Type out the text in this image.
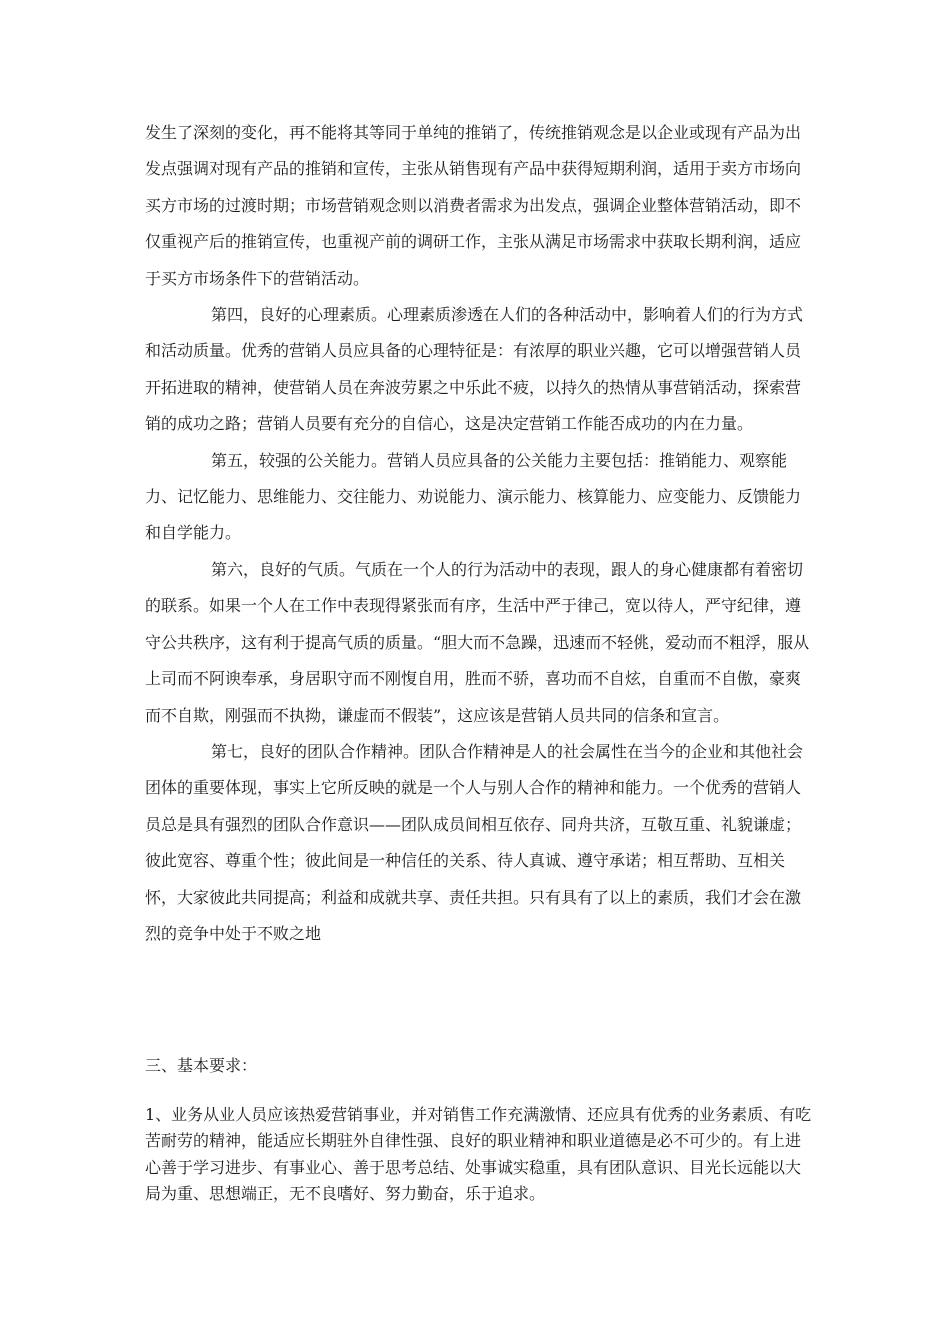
发生了深刻的变化，再不能将其等同于单纯的推销了，传统推销观念是以企业或现有产品为出发点强调对现有产品的推销和宣传，主张从销售现有产品中获得短期利润，适用于卖方市场向买方市场的过渡时期；市场营销观念则以消费者需求为出发点，强调企业整体营销活动，即不仅重视产后的推销宣传，也重视产前的调研工作，主张从满足市场需求中获取长期利润，适应于买方市场条件下的营销活动。

第四，良好的心理素质。心理素质渗透在人们的各种活动中，影响着人们的行为方式和活动质量。优秀的营销人员应具备的心理特征是：有浓厚的职业兴趣，它可以增强营销人员开拓进取的精神，使营销人员在奔波劳累之中乐此不疲，以持久的热情从事营销活动，探索营销的成功之路；营销人员要有充分的自信心，这是决定营销工作能否成功的内在力量。

第五，较强的公关能力。营销人员应具备的公关能力主要包括：推销能力、观察能力、记忆能力、思维能力、交往能力、劝说能力、演示能力、核算能力、应变能力、反馈能力和自学能力。

第六，良好的气质。气质在一个人的行为活动中的表现，跟人的身心健康都有着密切的联系。如果一个人在工作中表现得紧张而有序，生活中严于律己，宽以待人，严守纪律，遵守公共秩序，这有利于提高气质的质量。“胆大而不急躁，迅速而不轻佻，爱动而不粗浮，服从上司而不阿谀奉承，身居职守而不刚愎自用，胜而不骄，喜功而不自炫，自重而不自傲，豪爽而不自欺，刚强而不执拗，谦虚而不假装”，这应该是营销人员共同的信条和宣言。

第七，良好的团队合作精神。团队合作精神是人的社会属性在当今的企业和其他社会团体的重要体现，事实上它所反映的就是一个人与别人合作的精神和能力。一个优秀的营销人员总是具有强烈的团队合作意识——团队成员间相互依存、同舟共济，互敬互重、礼貌谦虚；彼此宽容、尊重个性；彼此间是一种信任的关系、待人真诚、遵守承诺；相互帮助、互相关怀，大家彼此共同提高；利益和成就共享、责任共担。只有具有了以上的素质，我们才会在激烈的竞争中处于不败之地

三、基本要求：

1、业务从业人员应该热爱营销事业，并对销售工作充满激情、还应具有优秀的业务素质、有吃苦耐劳的精神，能适应长期驻外自律性强、良好的职业精神和职业道德是必不可少的。有上进心善于学习进步、有事业心、善于思考总结、处事诚实稳重，具有团队意识、目光长远能以大局为重、思想端正，无不良嗜好、努力勤奋，乐于追求。
